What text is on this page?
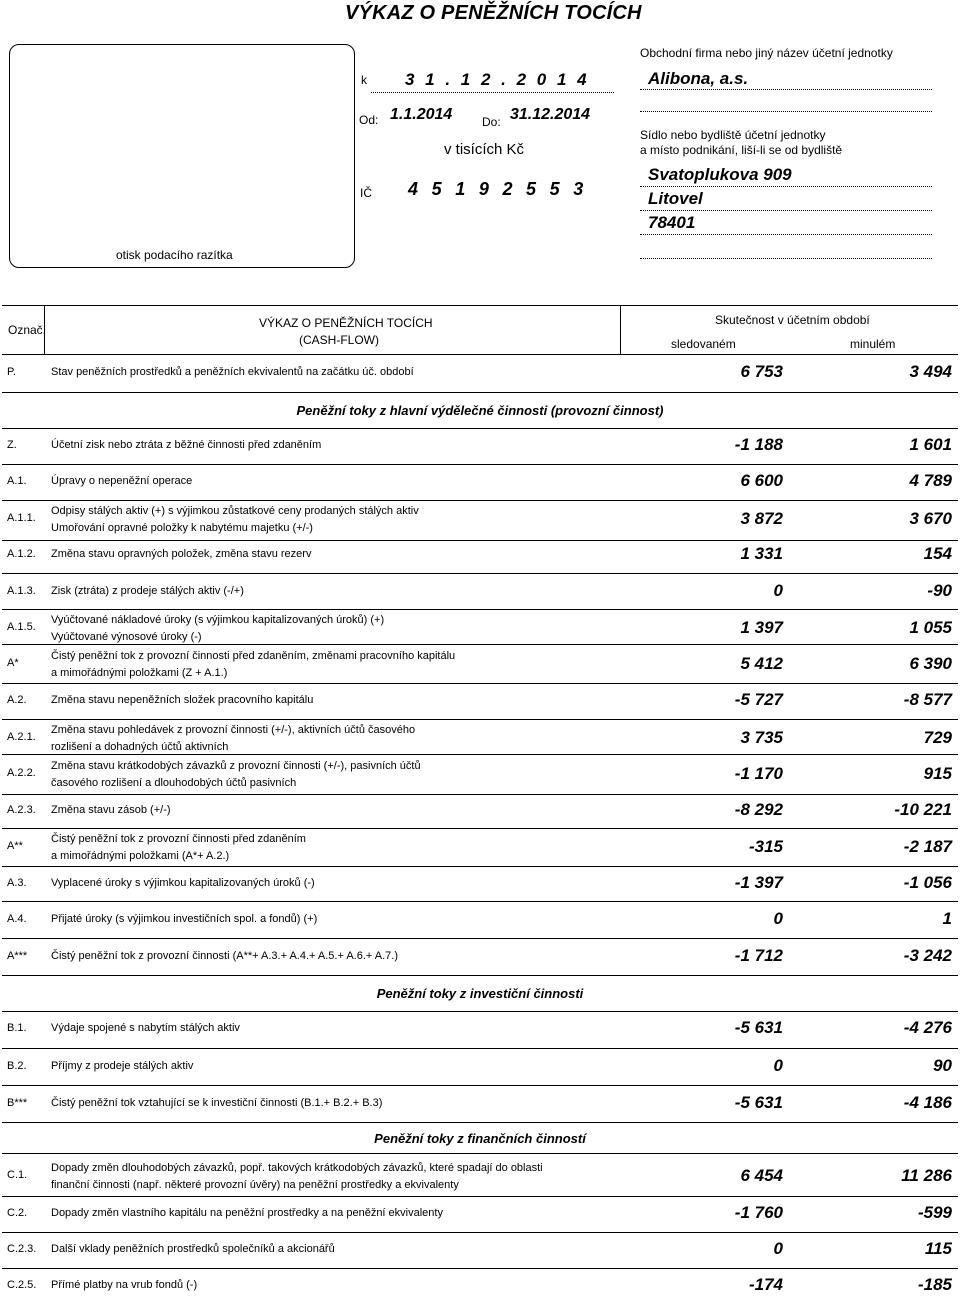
VÝKAZ O PENĚŽNÍCH TOCÍCH
otisk podacího razítka
k 3 1 . 1 2 . 2 0 1 4
Od: 1.1.2014 Do: 31.12.2014
v tisících Kč
IČ 45192553
Obchodní firma nebo jiný název účetní jednotky
Alibona, a.s.
Sídlo nebo bydliště účetní jednotky
a místo podnikání, liší-li se od bydliště
Svatoplukova 909
Litovel
78401
Označ.	VÝKAZ O PENĚŽNÍCH TOCÍCH
(CASH-FLOW)
Skutečnost v účetním období
sledovaném	minulém
Peněžní toky z hlavní výdělečné činnosti (provozní činnost)
Peněžní toky z investiční činnosti
Peněžní toky z finančních činností
P.	Stav peněžních prostředků a peněžních ekvivalentů na začátku úč. období	6 753	3 494
Z.	Účetní zisk nebo ztráta z běžné činnosti před zdaněním	-1 188	1 601
A.1. Úpravy o nepeněžní operace	6 600	4 789
A.1.1.
Odpisy stálých aktiv (+) s výjimkou zůstatkové ceny prodaných stálých aktiv
Umořování opravné položky k nabytému majetku (+/-)	3 872	3 670
A.1.2. Změna stavu opravných položek, změna stavu rezerv	1 331	154
A.1.3. Zisk (ztráta) z prodeje stálých aktiv (-/+)	0	-90
A.1.5.
Vyúčtované nákladové úroky (s výjimkou kapitalizovaných úroků) (+)
Vyúčtované výnosové úroky (-)	1 397	1 055
A*
Čistý peněžní tok z provozní činnosti před zdaněním, změnami pracovního kapitálu
a mimořádnými položkami (Z + A.1.)	5 412	6 390
A.2. Změna stavu nepeněžních složek pracovního kapitálu	-5 727	-8 577
A.2.1.
Změna stavu pohledávek z provozní činnosti (+/-), aktivních účtů časového
rozlišení a dohadných účtů aktivních	3 735	729
A.2.2.
Změna stavu krátkodobých závazků z provozní činnosti (+/-), pasivních účtů
časového rozlišení a dlouhodobých účtů pasivních	-1 170	915
A.2.3. Změna stavu zásob (+/-)	-8 292	-10 221
A**
Čistý peněžní tok z provozní činnosti před zdaněním
a mimořádnými položkami (A*+ A.2.)	-315	-2 187
A.3. Vyplacené úroky s výjimkou kapitalizovaných úroků (-)	-1 397	-1 056
A.4. Přijaté úroky (s výjimkou investičních spol. a fondů) (+)	0	1
A*** Čistý peněžní tok z provozní činnosti (A**+ A.3.+ A.4.+ A.5.+ A.6.+ A.7.)	-1 712	-3 242
B.1. Výdaje spojené s nabytím stálých aktiv	-5 631	-4 276
B.2. Příjmy z prodeje stálých aktiv	0	90
B*** Čistý peněžní tok vztahující se k investiční činnosti (B.1.+ B.2.+ B.3)	-5 631	-4 186
C.1.
Dopady změn dlouhodobých závazků, popř. takových krátkodobých závazků, které spadají do oblasti
finanční činnosti (např. některé provozní úvěry) na peněžní prostředky a ekvivalenty	6 454	11 286
C.2. Dopady změn vlastního kapitálu na peněžní prostředky a na peněžní ekvivalenty	-1 760	-599
C.2.3. Další vklady peněžních prostředků společníků a akcionářů	0	115
C.2.5. Přímé platby na vrub fondů (-)	-174	-185
